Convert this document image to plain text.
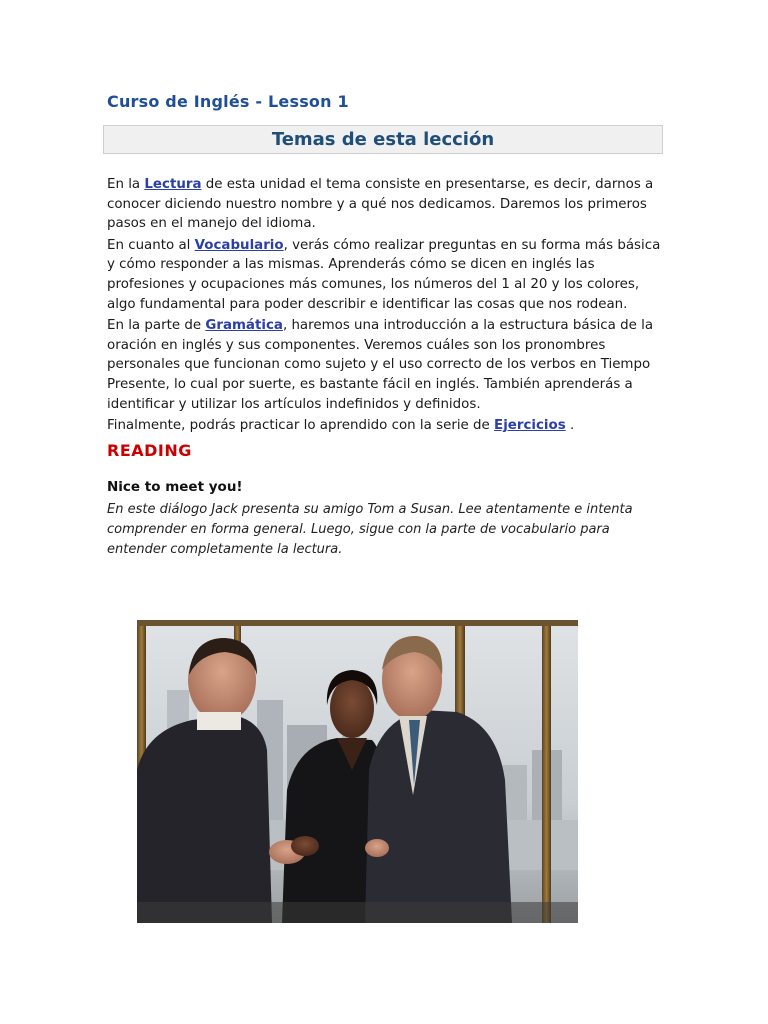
Curso de Inglés - Lesson 1
Temas de esta lección

En la Lectura de esta unidad el tema consiste en presentarse, es decir, darnos a conocer diciendo nuestro nombre y a qué nos dedicamos. Daremos los primeros pasos en el manejo del idioma.

En cuanto al Vocabulario, verás cómo realizar preguntas en su forma más básica y cómo responder a las mismas. Aprenderás cómo se dicen en inglés las profesiones y ocupaciones más comunes, los números del 1 al 20 y los colores, algo fundamental para poder describir e identificar las cosas que nos rodean.

En la parte de Gramática, haremos una introducción a la estructura básica de la oración en inglés y sus componentes. Veremos cuáles son los pronombres personales que funcionan como sujeto y el uso correcto de los verbos en Tiempo Presente, lo cual por suerte, es bastante fácil en inglés. También aprenderás a identificar y utilizar los artículos indefinidos y definidos.

Finalmente, podrás practicar lo aprendido con la serie de Ejercicios .

READING
Nice to meet you!

En este diálogo Jack presenta su amigo Tom a Susan. Lee atentamente e intenta comprender en forma general. Luego, sigue con la parte de vocabulario para entender completamente la lectura.
